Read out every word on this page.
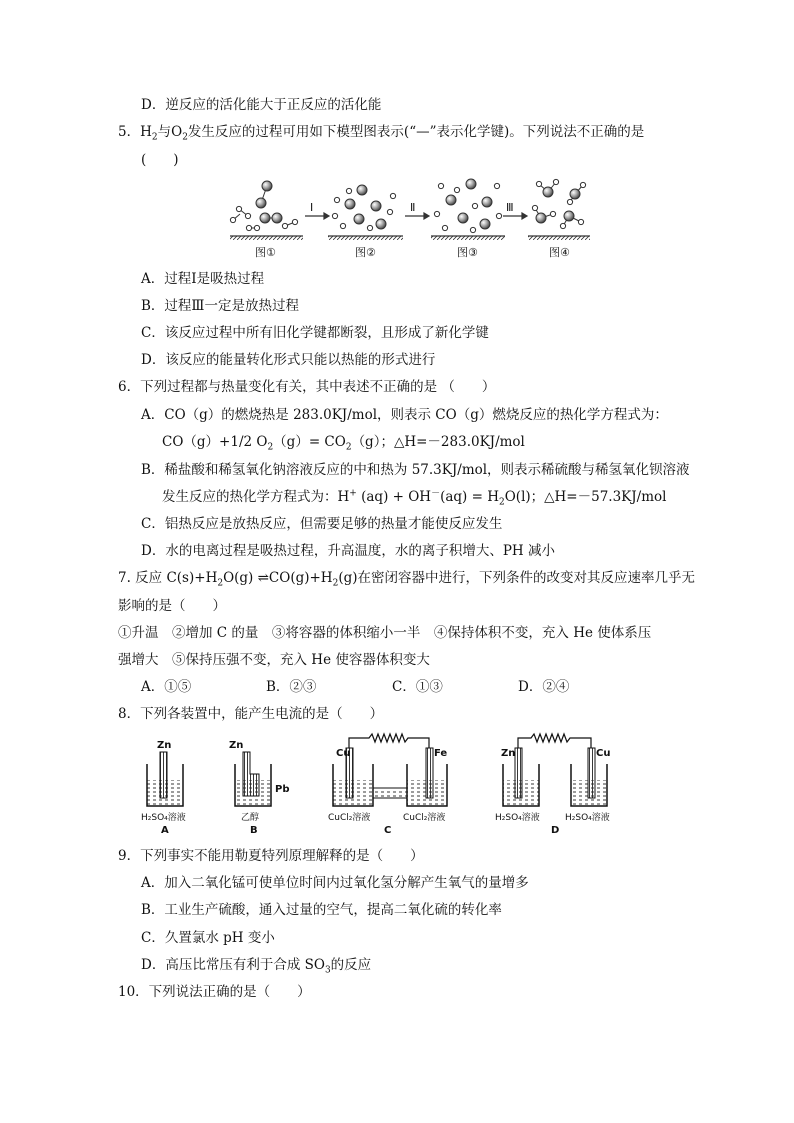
D．逆反应的活化能大于正反应的活化能
5．$H_2$与$O_2$发生反应的过程可用如下模型图表示(“—”表示化学键)。下列说法不正确的是
(　　)
Ⅰ	Ⅱ	Ⅲ
图①	图②	图③	图④
A．过程Ⅰ是吸热过程
B．过程Ⅲ一定是放热过程
C．该反应过程中所有旧化学键都断裂，且形成了新化学键
D．该反应的能量转化形式只能以热能的形式进行
6．下列过程都与热量变化有关，其中表述不正确的是 （　　）
A．CO（g）的燃烧热是 283.0KJ/mol，则表示 CO（g）燃烧反应的热化学方程式为：
CO（g）+1/2 $O_2(g)= CO_2(g)$；△H=－283.0KJ/mol
B．稀盐酸和稀氢氧化钠溶液反应的中和热为 57.3KJ/mol，则表示稀硫酸与稀氢氧化钡溶液
发生反应的热化学方程式为：H+ $(aq) + OH^-(aq) = H_2O(l)$；△H=－57.3KJ/mol
C．铝热反应是放热反应，但需要足够的热量才能使反应发生
D．水的电离过程是吸热过程，升高温度，水的离子积增大、PH 减小
7. 反应 $C(s)+H_2O(g)$ $\rightleftharpoons CO(g)+H_2(g)$在密闭容器中进行，下列条件的改变对其反应速率几乎无
影响的是（　　）
①升温　②增加 C 的量　③将容器的体积缩小一半　④保持体积不变，充入 He 使体系压
强增大　⑤保持压强不变，充入 He 使容器体积变大
A．①⑤	B．②③	C．①③	D．②④
8．下列各装置中，能产生电流的是（　　）
Zn
H₂SO₄溶液
A
Zn
Pb
乙醇
B
Cu	Fe
CuCl₂溶液	CuCl₂溶液
C
Zn	Cu
H₂SO₄溶液	H₂SO₄溶液
D
9．下列事实不能用勒夏特列原理解释的是（　　）
A．加入二氧化锰可使单位时间内过氧化氢分解产生氧气的量增多
B．工业生产硫酸，通入过量的空气，提高二氧化硫的转化率
C．久置氯水 pH 变小
D．高压比常压有利于合成 $SO_3$的反应
10．下列说法正确的是（　　）
